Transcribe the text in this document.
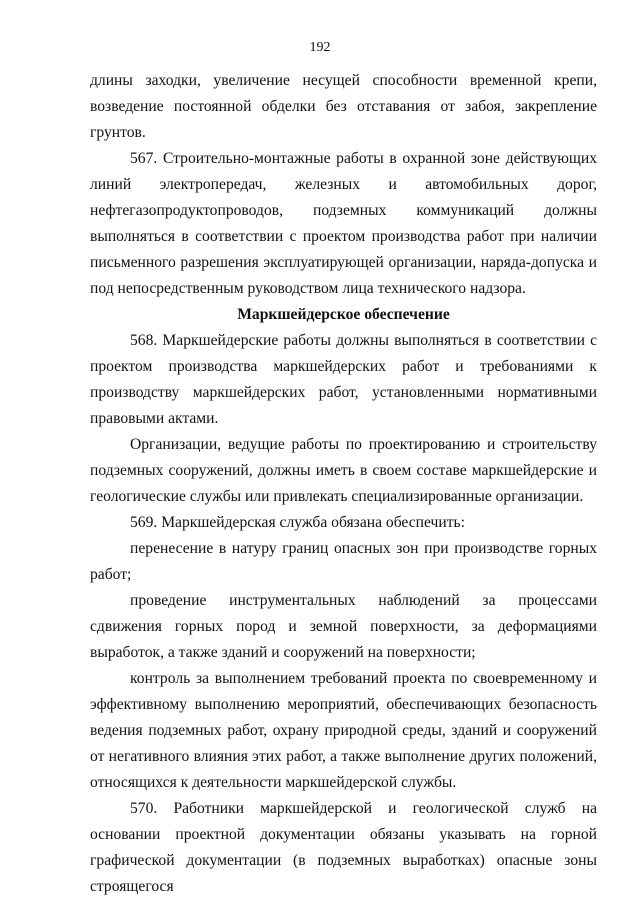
192

длины заходки, увеличение несущей способности временной крепи, возведение постоянной обделки без отставания от забоя, закрепление грунтов.

567. Строительно-монтажные работы в охранной зоне действующих линий электропередач, железных и автомобильных дорог, нефтегазопродуктопроводов, подземных коммуникаций должны выполняться в соответствии с проектом производства работ при наличии письменного разрешения эксплуатирующей организации, наряда-допуска и под непосредственным руководством лица технического надзора.

Маркшейдерское обеспечение

568. Маркшейдерские работы должны выполняться в соответствии с проектом производства маркшейдерских работ и требованиями к производству маркшейдерских работ, установленными нормативными правовыми актами.

Организации, ведущие работы по проектированию и строительству подземных сооружений, должны иметь в своем составе маркшейдерские и геологические службы или привлекать специализированные организации.

569. Маркшейдерская служба обязана обеспечить:

перенесение в натуру границ опасных зон при производстве горных работ;

проведение инструментальных наблюдений за процессами сдвижения горных пород и земной поверхности, за деформациями выработок, а также зданий и сооружений на поверхности;

контроль за выполнением требований проекта по своевременному и эффективному выполнению мероприятий, обеспечивающих безопасность ведения подземных работ, охрану природной среды, зданий и сооружений от негативного влияния этих работ, а также выполнение других положений, относящихся к деятельности маркшейдерской службы.

570. Работники маркшейдерской и геологической служб на основании проектной документации обязаны указывать на горной графической документации (в подземных выработках) опасные зоны строящегося
